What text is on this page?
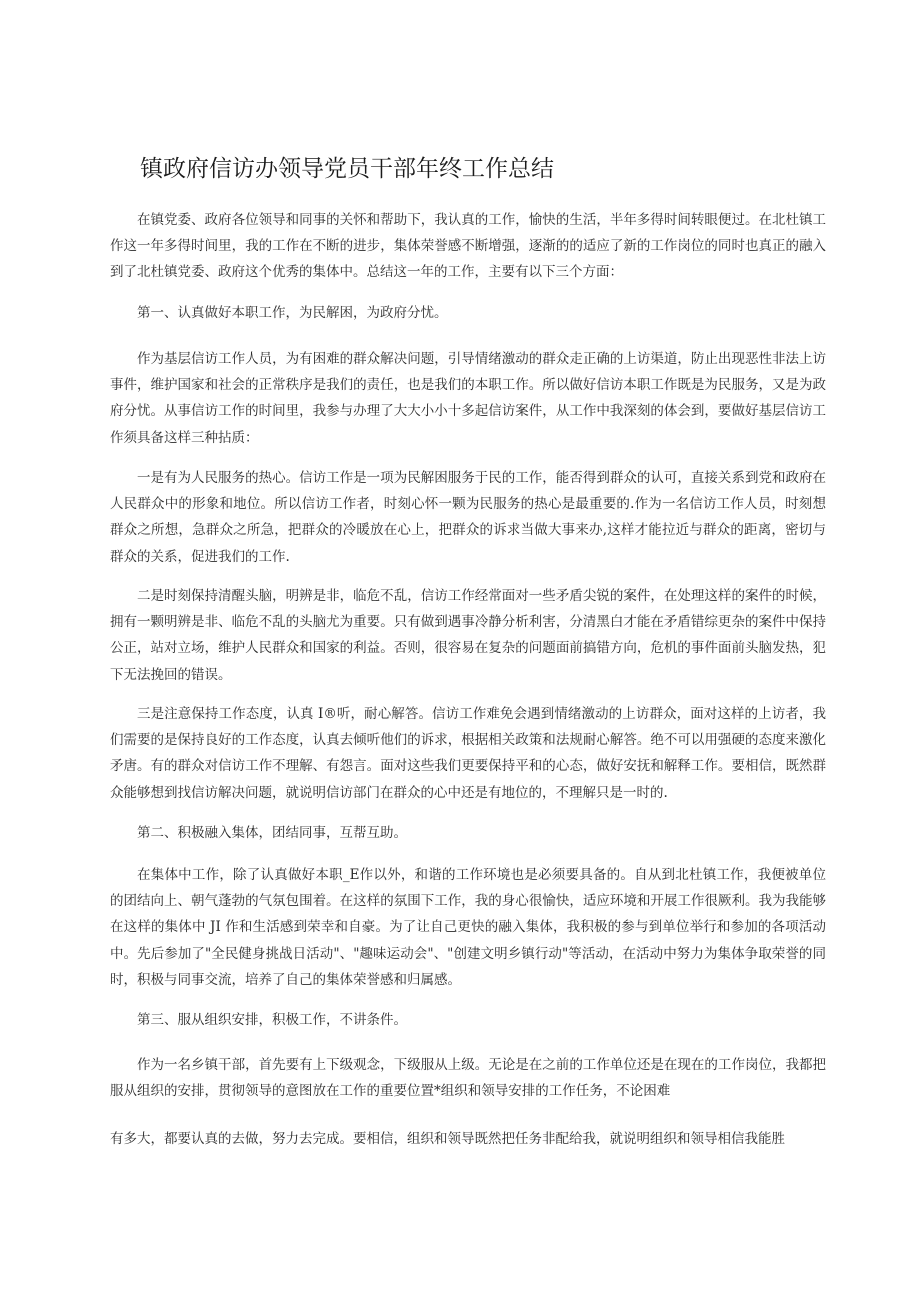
镇政府信访办领导党员干部年终工作总结

在镇党委、政府各位领导和同事的关怀和帮助下，我认真的工作，愉快的生活，半年多得时间转眼便过。在北杜镇工作这一年多得时间里，我的工作在不断的进步，集体荣誉感不断增强，逐渐的的适应了新的工作岗位的同时也真正的融入到了北杜镇党委、政府这个优秀的集体中。总结这一年的工作，主要有以下三个方面：

第一、认真做好本职工作，为民解困，为政府分忧。

作为基层信访工作人员，为有困难的群众解决问题，引导情绪激动的群众走正确的上访渠道，防止出现恶性非法上访事件，维护国家和社会的正常秩序是我们的责任，也是我们的本职工作。所以做好信访本职工作既是为民服务，又是为政府分忧。从事信访工作的时间里，我参与办理了大大小小十多起信访案件，从工作中我深刻的体会到，要做好基层信访工作须具备这样三种拈质：

一是有为人民服务的热心。信访工作是一项为民解困服务于民的工作，能否得到群众的认可，直接关系到党和政府在人民群众中的形象和地位。所以信访工作者，时刻心怀一颗为民服务的热心是最重要的.作为一名信访工作人员，时刻想群众之所想，急群众之所急，把群众的冷暖放在心上，把群众的诉求当做大事来办,这样才能拉近与群众的距离，密切与群众的关系，促进我们的工作.

二是时刻保持清醒头脑，明辨是非，临危不乱，信访工作经常面对一些矛盾尖锐的案件，在处理这样的案件的时候，拥有一颗明辨是非、临危不乱的头脑尤为重要。只有做到遇事冷静分析利害，分清黑白才能在矛盾错综更杂的案件中保持公正，站对立场，维护人民群众和国家的利益。否则，很容易在复杂的问题面前搞错方向，危机的事件面前头脑发热，犯下无法挽回的错误。

三是注意保持工作态度，认真 I®听，耐心解答。信访工作难免会遇到情绪激动的上访群众，面对这样的上访者，我们需要的是保持良好的工作态度，认真去倾听他们的诉求，根据相关政策和法规耐心解答。绝不可以用强硬的态度来激化矛唐。有的群众对信访工作不理解、有怨言。面对这些我们更要保持平和的心态，做好安抚和解释工作。要相信，既然群众能够想到找信访解决问题，就说明信访部门在群众的心中还是有地位的，不理解只是一时的.

第二、积极融入集体，团结同事，互帮互助。

在集体中工作，除了认真做好本职_E作以外，和谐的工作环境也是必须要具备的。自从到北杜镇工作，我便被单位的团结向上、朝气蓬勃的气氛包围着。在这样的氛围下工作，我的身心很愉快，适应环境和开展工作很厥利。我为我能够在这样的集体中 JI 作和生活感到荣幸和自豪。为了让自己更快的融入集体，我积极的参与到单位举行和参加的各项活动中。先后参加了"全民健身挑战日活动"、"趣味运动会"、"创建文明乡镇行动"等活动，在活动中努力为集体争取荣誉的同时，积极与同事交流，培养了自己的集体荣誉感和归属感。

第三、服从组织安排，积极工作，不讲条件。

作为一名乡镇干部，首先要有上下级观念，下级服从上级。无论是在之前的工作单位还是在现在的工作岗位，我都把服从组织的安排，贯彻领导的意图放在工作的重要位置*组织和领导安排的工作任务，不论困难

有多大，都要认真的去做，努力去完成。要相信，组织和领导既然把任务非配给我，就说明组织和领导相信我能胜
